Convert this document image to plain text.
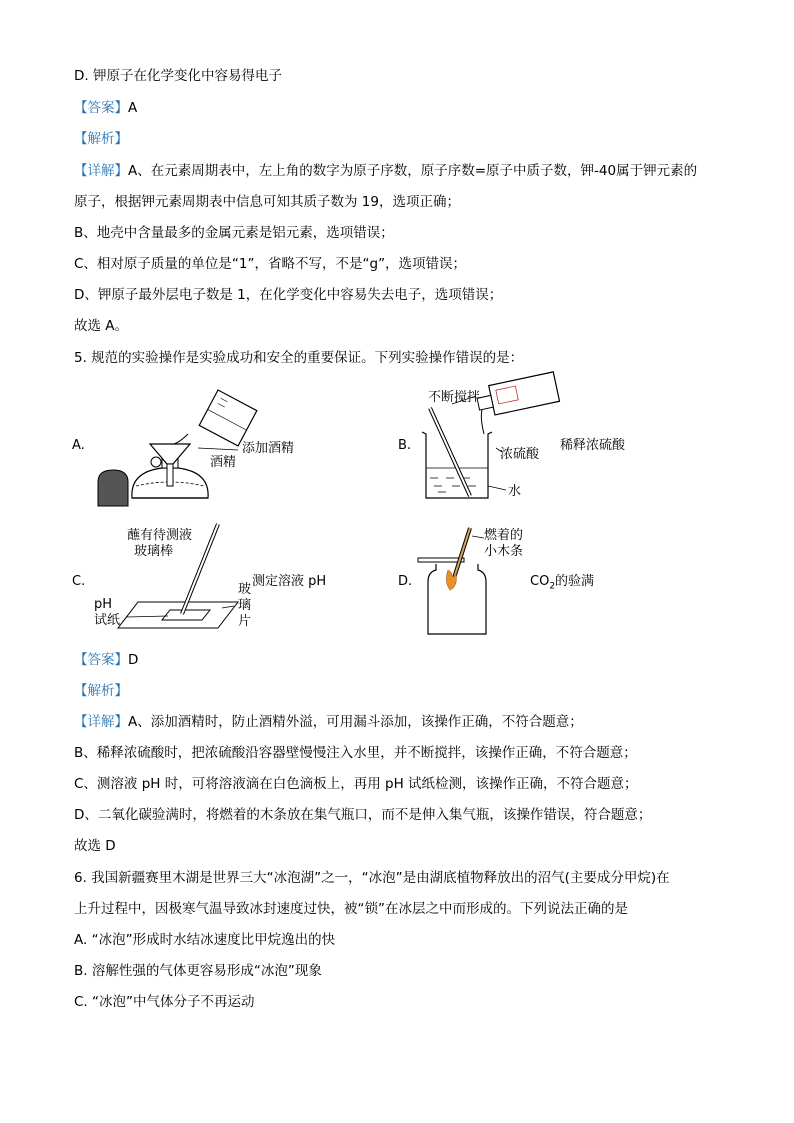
D. 钾原子在化学变化中容易得电子
【答案】A
【解析】
【详解】A、在元素周期表中，左上角的数字为原子序数，原子序数=原子中质子数，钾-40属于钾元素的
原子，根据钾元素周期表中信息可知其质子数为 19，选项正确；
B、地壳中含量最多的金属元素是铝元素，选项错误；
C、相对原子质量的单位是“1”，省略不写，不是“g”，选项错误；
D、钾原子最外层电子数是 1，在化学变化中容易失去电子，选项错误；
故选 A。
5. 规范的实验操作是实验成功和安全的重要保证。下列实验操作错误的是：
A.	添加酒精
酒精
B.
不断搅拌
稀释浓硫酸
浓硫酸
水
C.
蘸有待测液
玻璃棒
测定溶液 pH
pH
试纸
玻
璃
片
D.
燃着的
小木条
$CO_2$的验满
【答案】D
【解析】
【详解】A、添加酒精时，防止酒精外溢，可用漏斗添加，该操作正确，不符合题意；
B、稀释浓硫酸时，把浓硫酸沿容器壁慢慢注入水里，并不断搅拌，该操作正确，不符合题意；
C、测溶液 pH 时，可将溶液滴在白色滴板上，再用 pH 试纸检测，该操作正确，不符合题意；
D、二氧化碳验满时，将燃着的木条放在集气瓶口，而不是伸入集气瓶，该操作错误，符合题意；
故选 D
6. 我国新疆赛里木湖是世界三大“冰泡湖”之一，“冰泡”是由湖底植物释放出的沼气(主要成分甲烷)在
上升过程中，因极寒气温导致冰封速度过快，被“锁”在冰层之中而形成的。下列说法正确的是
A. “冰泡”形成时水结冰速度比甲烷逸出的快
B. 溶解性强的气体更容易形成“冰泡”现象
C. “冰泡”中气体分子不再运动
